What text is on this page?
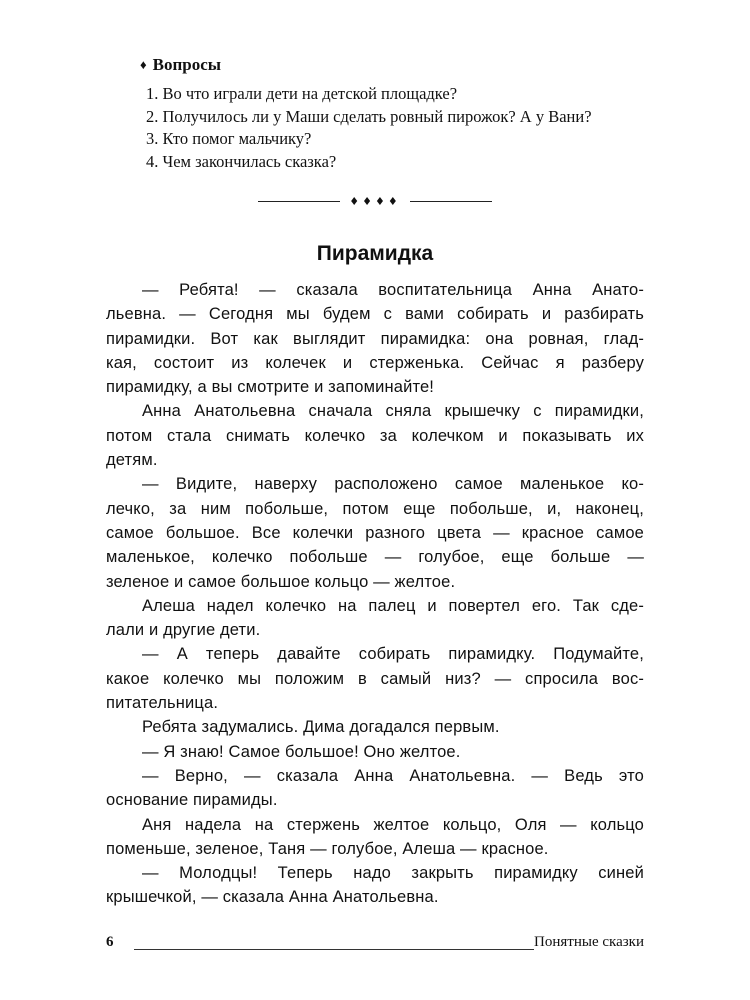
♦ Вопросы
1. Во что играли дети на детской площадке?
2. Получилось ли у Маши сделать ровный пирожок? А у Вани?
3. Кто помог мальчику?
4. Чем закончилась сказка?
♦♦♦♦
Пирамидка

— Ребята! — сказала воспитательница Анна Анато-
льевна. — Сегодня мы будем с вами собирать и разбирать
пирамидки. Вот как выглядит пирамидка: она ровная, глад-
кая, состоит из колечек и стерженька. Сейчас я разберу
пирамидку, а вы смотрите и запоминайте!

Анна Анатольевна сначала сняла крышечку с пирамидки,
потом стала снимать колечко за колечком и показывать их
детям.

— Видите, наверху расположено самое маленькое ко-
лечко, за ним побольше, потом еще побольше, и, наконец,
самое большое. Все колечки разного цвета — красное самое
маленькое, колечко побольше — голубое, еще больше —
зеленое и самое большое кольцо — желтое.

Алеша надел колечко на палец и повертел его. Так сде-
лали и другие дети.

— А теперь давайте собирать пирамидку. Подумайте,
какое колечко мы положим в самый низ? — спросила вос-
питательница.

Ребята задумались. Дима догадался первым.

— Я знаю! Самое большое! Оно желтое.

— Верно, — сказала Анна Анатольевна. — Ведь это
основание пирамиды.

Аня надела на стержень желтое кольцо, Оля — кольцо
поменьше, зеленое, Таня — голубое, Алеша — красное.

— Молодцы! Теперь надо закрыть пирамидку синей
крышечкой, — сказала Анна Анатольевна.

6	Понятные сказки
